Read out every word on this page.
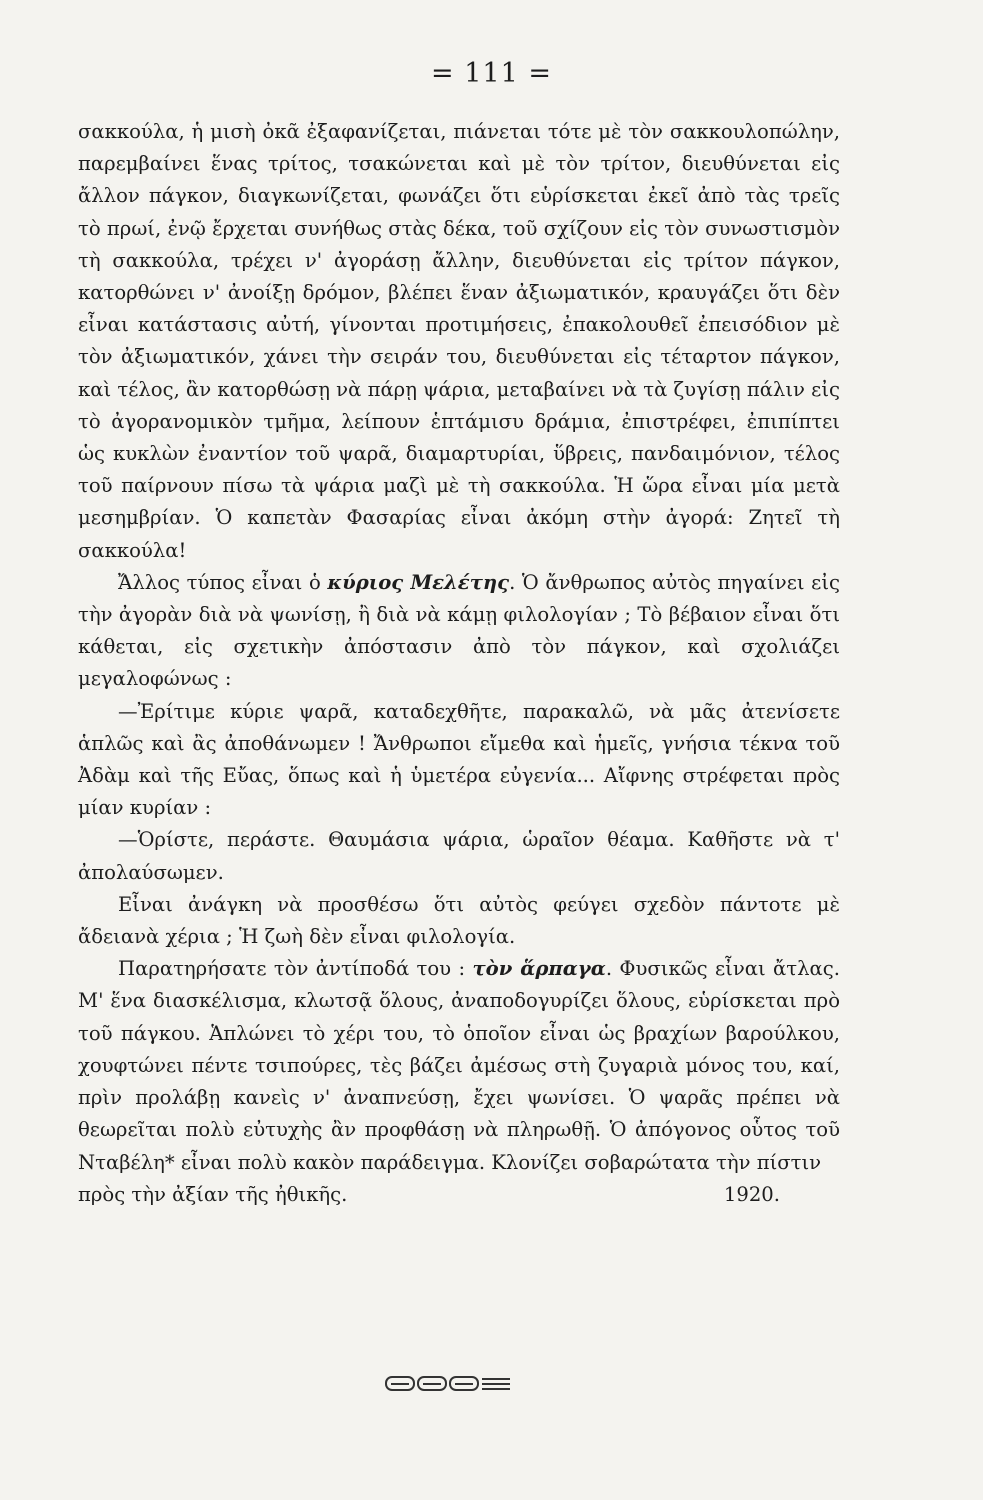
= 111 =

σακκούλα, ἡ μισὴ ὀκᾶ ἐξαφανίζεται, πιάνεται τότε μὲ τὸν σακκουλοπώλην, παρεμβαίνει ἕνας τρίτος, τσακώνεται καὶ μὲ τὸν τρίτον, διευθύνεται εἰς ἄλλον πάγκον, διαγκωνίζεται, φωνάζει ὅτι εὑρίσκεται ἐκεῖ ἀπὸ τὰς τρεῖς τὸ πρωί, ἐνῷ ἔρχεται συνήθως στὰς δέκα, τοῦ σχίζουν εἰς τὸν συνωστισμὸν τὴ σακκούλα, τρέχει ν' ἀγοράσῃ ἄλλην, διευθύνεται εἰς τρίτον πάγκον, κατορθώνει ν' ἀνοίξῃ δρόμον, βλέπει ἕναν ἀξιωματικόν, κραυγάζει ὅτι δὲν εἶναι κατάστασις αὐτή, γίνονται προτιμήσεις, ἐπακολουθεῖ ἐπεισόδιον μὲ τὸν ἀξιωματικόν, χάνει τὴν σειράν του, διευθύνεται εἰς τέταρτον πάγκον, καὶ τέλος, ἂν κατορθώσῃ νὰ πάρῃ ψάρια, μεταβαίνει νὰ τὰ ζυγίσῃ πάλιν εἰς τὸ ἀγορανομικὸν τμῆμα, λείπουν ἑπτάμισυ δράμια, ἐπιστρέφει, ἐπιπίπτει ὡς κυκλὼν ἐναντίον τοῦ ψαρᾶ, διαμαρτυρίαι, ὕβρεις, πανδαιμόνιον, τέλος τοῦ παίρνουν πίσω τὰ ψάρια μαζὶ μὲ τὴ σακκούλα. Ἡ ὥρα εἶναι μία μετὰ μεσημβρίαν. Ὁ καπετὰν Φασαρίας εἶναι ἀκόμη στὴν ἀγορά: Ζητεῖ τὴ σακκούλα!

Ἄλλος τύπος εἶναι ὁ κύριος Μελέτης. Ὁ ἄνθρωπος αὐτὸς πηγαίνει εἰς τὴν ἀγορὰν διὰ νὰ ψωνίσῃ, ἢ διὰ νὰ κάμῃ φιλολογίαν ; Τὸ βέβαιον εἶναι ὅτι κάθεται, εἰς σχετικὴν ἀπόστασιν ἀπὸ τὸν πάγκον, καὶ σχολιάζει μεγαλοφώνως :

—Ἐρίτιμε κύριε ψαρᾶ, καταδεχθῆτε, παρακαλῶ, νὰ μᾶς ἀτενίσετε ἁπλῶς καὶ ἂς ἀποθάνωμεν ! Ἄνθρωποι εἴμεθα καὶ ἡμεῖς, γνήσια τέκνα τοῦ Ἀδὰμ καὶ τῆς Εὔας, ὅπως καὶ ἡ ὑμετέρα εὐγενία... Αἴφνης στρέφεται πρὸς μίαν κυρίαν :

—Ὁρίστε, περάστε. Θαυμάσια ψάρια, ὡραῖον θέαμα. Καθῆστε νὰ τ' ἀπολαύσωμεν.

Εἶναι ἀνάγκη νὰ προσθέσω ὅτι αὐτὸς φεύγει σχεδὸν πάντοτε μὲ ἄδειανὰ χέρια ; Ἡ ζωὴ δὲν εἶναι φιλολογία.

Παρατηρήσατε τὸν ἀντίποδά του : τὸν ἅρπαγα. Φυσικῶς εἶναι ἄτλας. Μ' ἕνα διασκέλισμα, κλωτσᾷ ὅλους, ἀναποδογυρίζει ὅλους, εὑρίσκεται πρὸ τοῦ πάγκου. Ἁπλώνει τὸ χέρι του, τὸ ὁποῖον εἶναι ὡς βραχίων βαρούλκου, χουφτώνει πέντε τσιπούρες, τὲς βάζει ἀμέσως στὴ ζυγαριὰ μόνος του, καί, πρὶν προλάβῃ κανεὶς ν' ἀναπνεύσῃ, ἔχει ψωνίσει. Ὁ ψαρᾶς πρέπει νὰ θεωρεῖται πολὺ εὐτυχὴς ἂν προφθάσῃ νὰ πληρωθῇ. Ὁ ἀπόγονος οὗτος τοῦ Νταβέλη* εἶναι πολὺ κακὸν παράδειγμα. Κλονίζει σοβαρώτατα τὴν πίστιν

πρὸς τὴν ἀξίαν τῆς ἠθικῆς.	1920.
